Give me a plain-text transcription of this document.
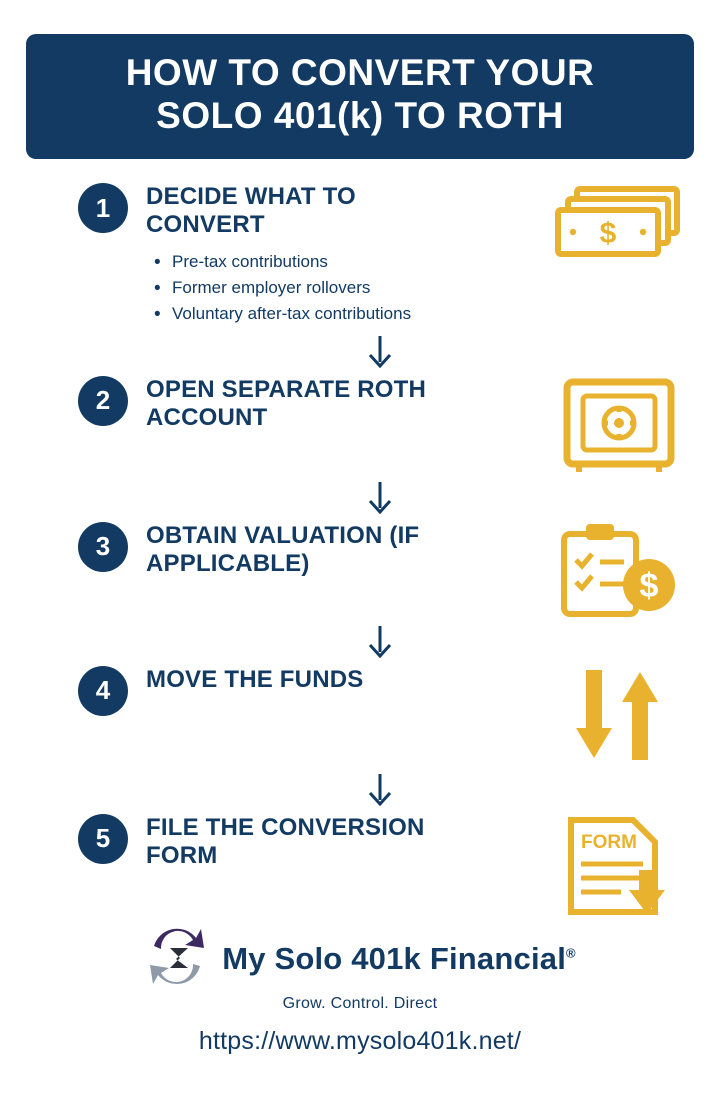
HOW TO CONVERT YOUR
SOLO 401(k) TO ROTH
1	DECIDE WHAT TO CONVERT
• Pre-tax contributions
• Former employer rollovers
• Voluntary after-tax contributions
$
2	OPEN SEPARATE ROTH ACCOUNT
3	OBTAIN VALUATION (IF APPLICABLE)
$
4	MOVE THE FUNDS
5	FILE THE CONVERSION FORM	FORM
My Solo 401k Financial®
Grow. Control. Direct
https://www.mysolo401k.net/
